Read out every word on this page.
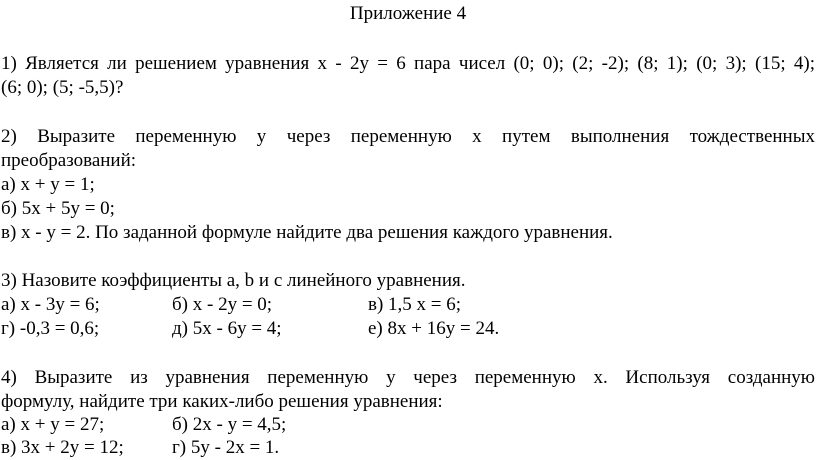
Приложение 4
1) Является ли решением уравнения x - 2y = 6 пара чисел (0; 0); (2; -2); (8; 1); (0; 3); (15; 4);
(6; 0); (5; -5,5)?
2) Выразите переменную у через переменную х путем выполнения тождественных
преобразований:
а) x + y = 1;
б) 5x + 5y = 0;
в) x - y = 2. По заданной формуле найдите два решения каждого уравнения.
3) Назовите коэффициенты a, b и c линейного уравнения.
а) x - 3y = 6;	б) x - 2y = 0;	в) 1,5 x = 6;
г) -0,3 = 0,6;	д) 5x - 6y = 4;	е) 8x + 16y = 24.
4) Выразите из уравнения переменную у через переменную х. Используя созданную
формулу, найдите три каких-либо решения уравнения:
а) x + y = 27;	б) 2x - y = 4,5;
в) 3x + 2y = 12;	г) 5y - 2x = 1.
